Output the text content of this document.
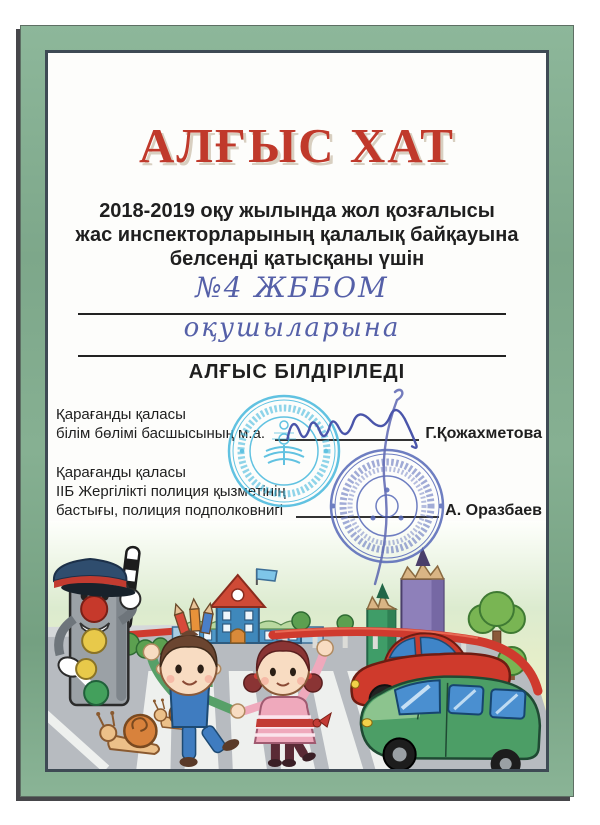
АЛҒЫС ХАТ
2018-2019 оқу жылында жол қозғалысы
жас инспекторларының қалалық байқауына
белсенді қатысқаны үшін
№4 ЖББОМ
оқушыларына
АЛҒЫС БІЛДІРІЛЕДІ
Қарағанды қаласы
білім бөлімі басшысының м.а.	Г.Қожахметова
Қарағанды қаласы
ІІБ Жергілікті полиция қызметінің
бастығы, полиция подполковнигі	А. Оразбаев
